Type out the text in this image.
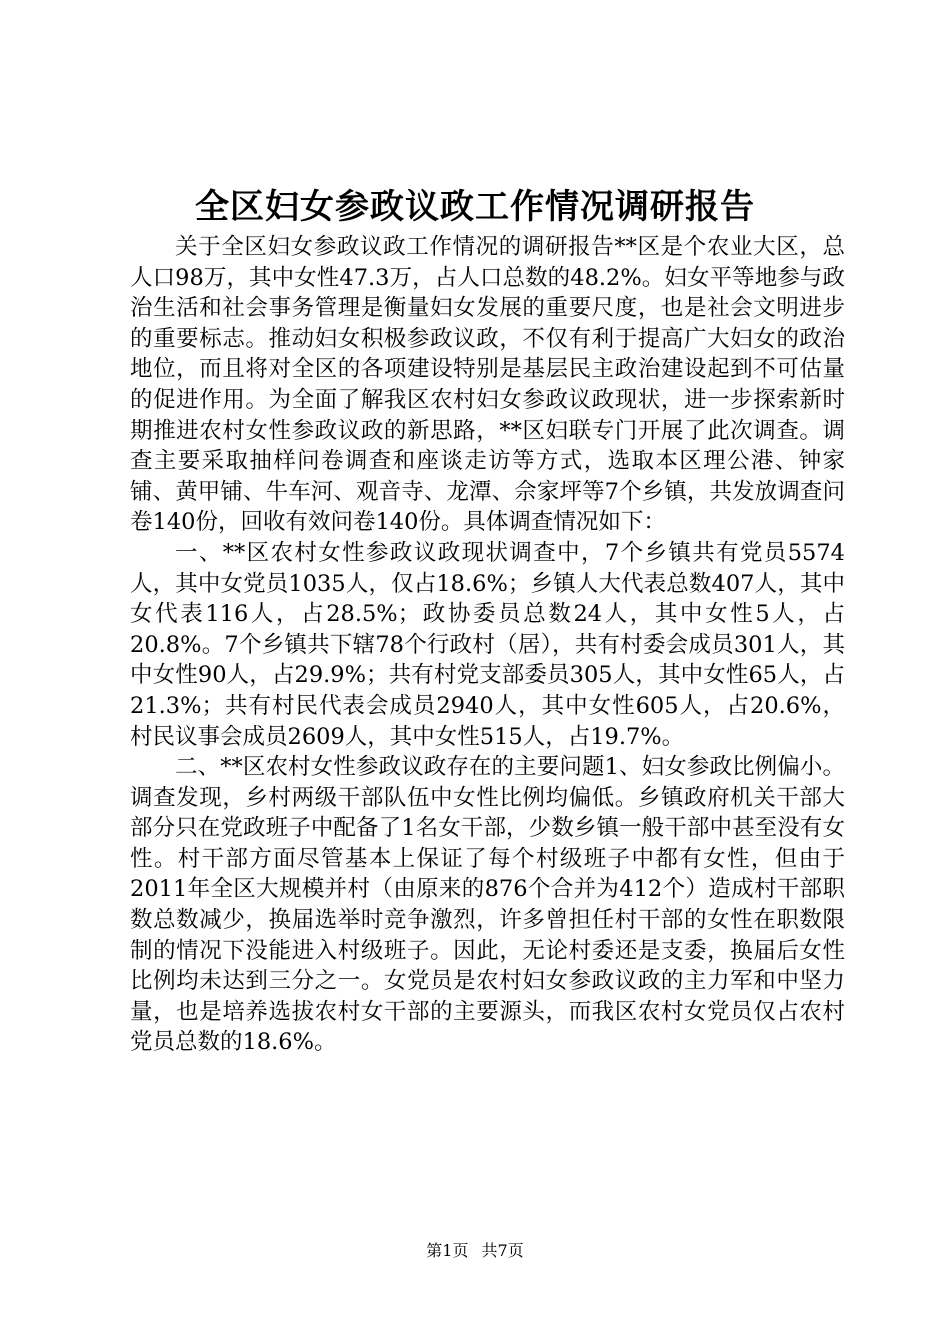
全区妇女参政议政工作情况调研报告

关于全区妇女参政议政工作情况的调研报告**区是个农业大区，总人口98万，其中女性47.3万，占人口总数的48.2%。妇女平等地参与政治生活和社会事务管理是衡量妇女发展的重要尺度，也是社会文明进步的重要标志。推动妇女积极参政议政，不仅有利于提高广大妇女的政治地位，而且将对全区的各项建设特别是基层民主政治建设起到不可估量的促进作用。为全面了解我区农村妇女参政议政现状，进一步探索新时期推进农村女性参政议政的新思路，**区妇联专门开展了此次调查。调查主要采取抽样问卷调查和座谈走访等方式，选取本区理公港、钟家铺、黄甲铺、牛车河、观音寺、龙潭、佘家坪等7个乡镇，共发放调查问卷140份，回收有效问卷140份。具体调查情况如下：

一、**区农村女性参政议政现状调查中，7个乡镇共有党员5574人，其中女党员1035人，仅占18.6%；乡镇人大代表总数407人，其中女代表116人，占28.5%；政协委员总数24人，其中女性5人，占20.8%。7个乡镇共下辖78个行政村（居），共有村委会成员301人，其中女性90人，占29.9%；共有村党支部委员305人，其中女性65人，占21.3%；共有村民代表会成员2940人，其中女性605人，占20.6%，村民议事会成员2609人，其中女性515人，占19.7%。

二、**区农村女性参政议政存在的主要问题1、妇女参政比例偏小。调查发现，乡村两级干部队伍中女性比例均偏低。乡镇政府机关干部大部分只在党政班子中配备了1名女干部，少数乡镇一般干部中甚至没有女性。村干部方面尽管基本上保证了每个村级班子中都有女性，但由于2011年全区大规模并村（由原来的876个合并为412个）造成村干部职数总数减少，换届选举时竞争激烈，许多曾担任村干部的女性在职数限制的情况下没能进入村级班子。因此，无论村委还是支委，换届后女性比例均未达到三分之一。女党员是农村妇女参政议政的主力军和中坚力量，也是培养选拔农村女干部的主要源头，而我区农村女党员仅占农村党员总数的18.6%。

第1页 共7页
